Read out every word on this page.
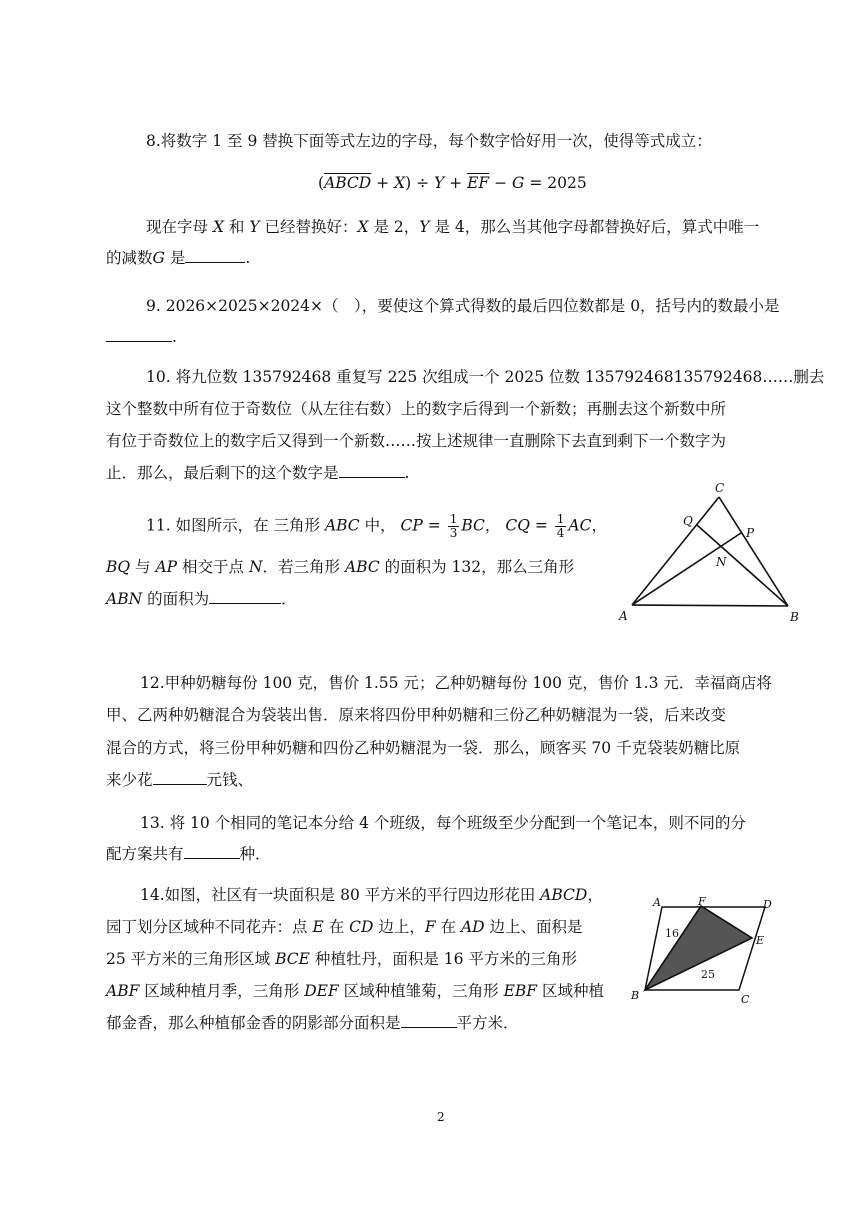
8.将数字 1 至 9 替换下面等式左边的字母，每个数字恰好用一次，使得等式成立：
(ABCD + $X) \div Y + \overline{EF} - G = 2025$
现在字母 X 和 Y 已经替换好：X 是 2，Y 是 4，那么当其他字母都替换好后，算式中唯一
的减数G 是	.
9. 2026×2025×2024×（　），要使这个算式得数的最后四位数都是 0，括号内的数最小是
.
10. 将九位数 135792468 重复写 225 次组成一个 2025 位数 135792468135792468……删去
这个整数中所有位于奇数位（从左往右数）上的数字后得到一个新数；再删去这个新数中所
有位于奇数位上的数字后又得到一个新数……按上述规律一直删除下去直到剩下一个数字为
止．那么，最后剩下的这个数字是	.
11. 如图所示，在 三角形 ABC 中， CP = $\frac{1}{3}$ BC， CQ = $\frac{1}{4}$ AC，
BQ 与 AP 相交于点 N．若三角形 ABC 的面积为 132，那么三角形
ABN 的面积为	．
A	B
C
P
Q
N
12.甲种奶糖每份 100 克，售价 1.55 元；乙种奶糖每份 100 克，售价 1.3 元．幸福商店将
甲、乙两种奶糖混合为袋装出售．原来将四份甲种奶糖和三份乙种奶糖混为一袋，后来改变
混合的方式，将三份甲种奶糖和四份乙种奶糖混为一袋．那么，顾客买 70 千克袋装奶糖比原
来少花	元钱、
13. 将 10 个相同的笔记本分给 4 个班级，每个班级至少分配到一个笔记本，则不同的分
配方案共有	种．
14.如图，社区有一块面积是 80 平方米的平行四边形花田 ABCD，
园丁划分区域种不同花卉：点 E 在 CD 边上，F 在 AD 边上、面积是
25 平方米的三角形区域 BCE 种植牡丹，面积是 16 平方米的三角形
ABF 区域种植月季，三角形 DEF 区域种植雏菊，三角形 EBF 区域种植
郁金香，那么种植郁金香的阴影部分面积是	平方米．
A	F	D
E
B	C
16
25
2
